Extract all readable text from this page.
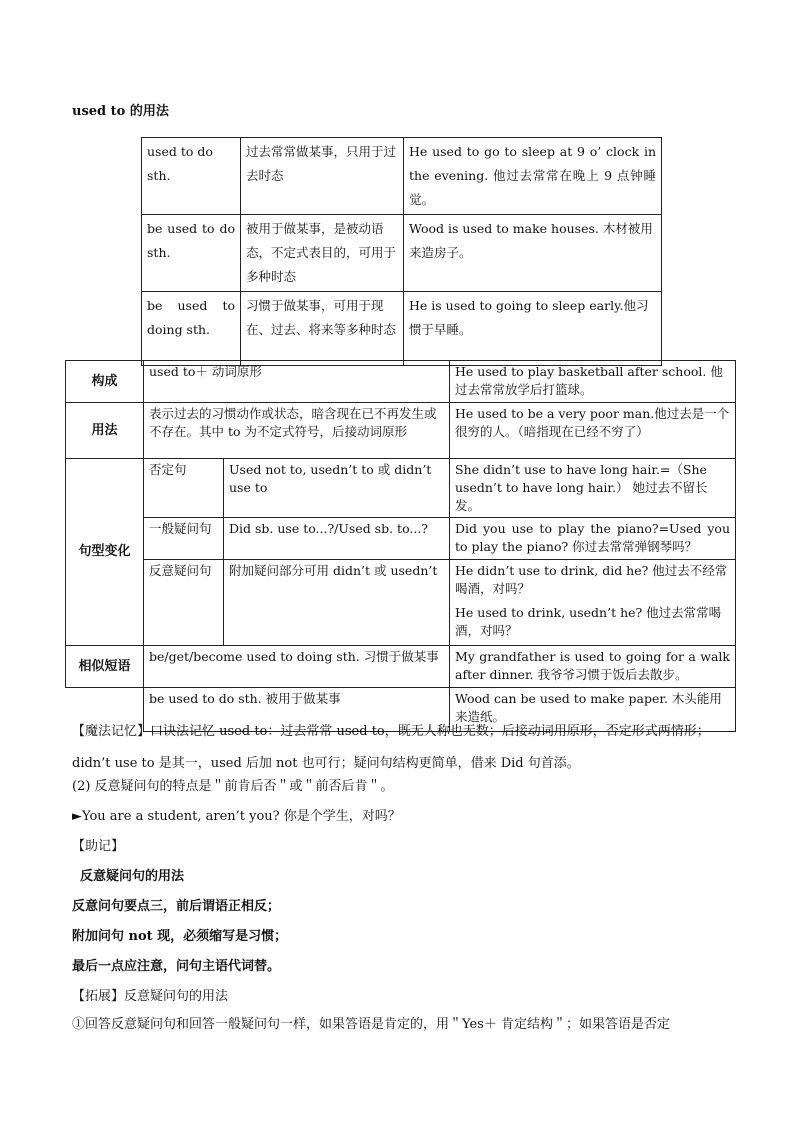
used to 的用法
used to do sth.	过去常常做某事，只用于过去时态	He used to go to sleep at 9 o’ clock in the evening. 他过去常常在晚上 9 点钟睡觉。
be used to do sth.	被用于做某事，是被动语态，不定式表目的，可用于多种时态	Wood is used to make houses. 木材被用来造房子。
be used to doing sth.	习惯于做某事，可用于现在、过去、将来等多种时态	He is used to going to sleep early.他习惯于早睡。
构成	used to＋ 动词原形		He used to play basketball after school. 他过去常常放学后打篮球。
用法	表示过去的习惯动作或状态，暗含现在已不再发生或不存在。其中 to 为不定式符号，后接动词原形		He used to be a very poor man.他过去是一个很穷的人。（暗指现在已经不穷了）
句型变化	否定句	Used not to, usedn’t to 或 didn’t use to	She didn’t use to have long hair.=（She usedn’t to have long hair.） 她过去不留长发。
	一般疑问句	Did sb. use to...?/Used sb. to...?	Did you use to play the piano?=Used you to play the piano? 你过去常常弹钢琴吗？
	反意疑问句	附加疑问部分可用 didn’t 或 usedn’t	He didn’t use to drink, did he? 他过去不经常喝酒，对吗？
He used to drink, usedn’t he? 他过去常常喝酒，对吗？

相似短语	be/get/become used to doing sth. 习惯于做某事		My grandfather is used to going for a walk after dinner. 我爷爷习惯于饭后去散步。
	be used to do sth. 被用于做某事		Wood can be used to make paper. 木头能用来造纸。
【魔法记忆】口诀法记忆 used to：过去常常 used to，既无人称也无数；后接动词用原形，否定形式两情形；didn’t use to 是其一，used 后加 not 也可行；疑问句结构更简单，借来 Did 句首添。
(2) 反意疑问句的特点是＂前肯后否＂或＂前否后肯＂。
►You are a student, aren’t you? 你是个学生，对吗？
【助记】
反意疑问句的用法
反意问句要点三，前后谓语正相反；
附加问句 not 现，必须缩写是习惯；
最后一点应注意，问句主语代词替。
【拓展】反意疑问句的用法
①回答反意疑问句和回答一般疑问句一样，如果答语是肯定的，用＂Yes＋ 肯定结构＂；如果答语是否定
